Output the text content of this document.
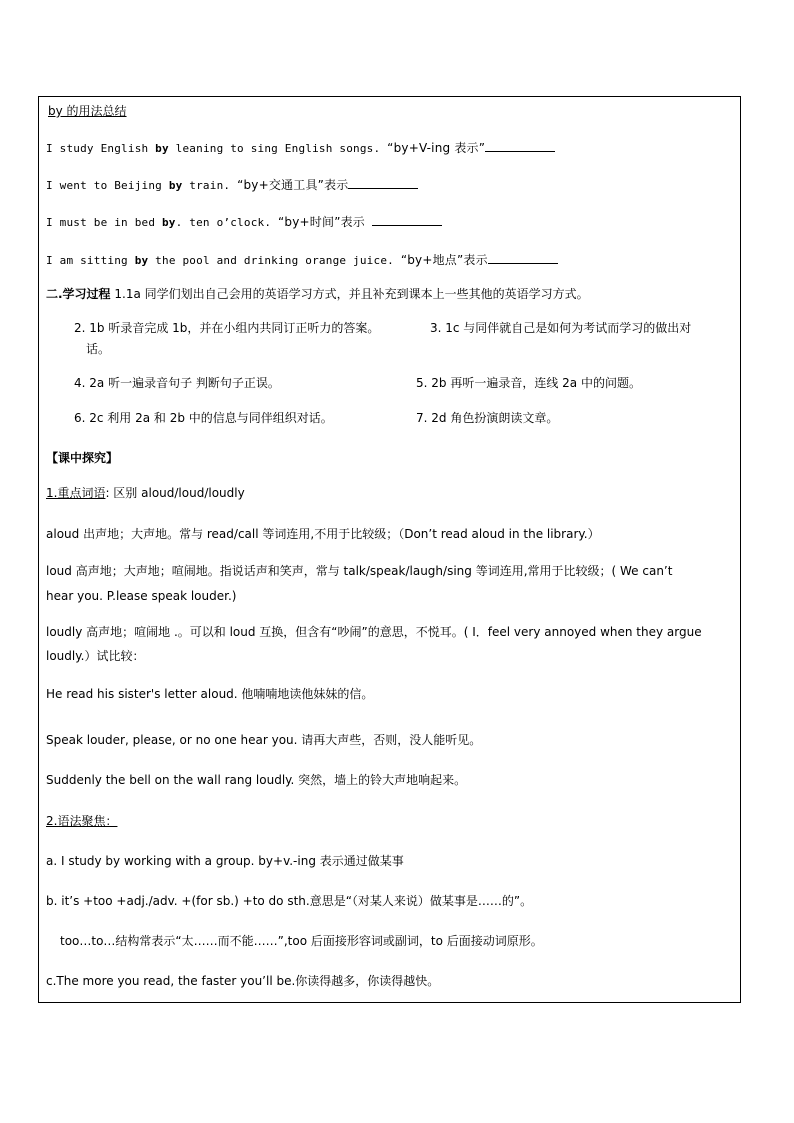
by 的用法总结
I study English by leaning to sing English songs. “by+V-ing 表示”
I went to Beijing by train. “by+交通工具”表示
I must be in bed by. ten o’clock. “by+时间”表示
I am sitting by the pool and drinking orange juice. “by+地点”表示
二.学习过程 1.1a 同学们划出自己会用的英语学习方式，并且补充到课本上一些其他的英语学习方式。
2. 1b 听录音完成 1b，并在小组内共同订正听力的答案。	3. 1c 与同伴就自己是如何为考试而学习的做出对
话。
4. 2a 听一遍录音句子 判断句子正误。	5. 2b 再听一遍录音，连线 2a 中的问题。
6. 2c 利用 2a 和 2b 中的信息与同伴组织对话。	7. 2d 角色扮演朗读文章。
【课中探究】
1.重点词语: 区别 aloud/loud/loudly
aloud 出声地；大声地。常与 read/call 等词连用,不用于比较级；（Don’t read aloud in the library.）
loud 高声地；大声地；喧闹地。指说话声和笑声，常与 talk/speak/laugh/sing 等词连用,常用于比较级；( We can’t
hear you. P.lease speak louder.)
loudly 高声地；喧闹地 .。可以和 loud 互换，但含有“吵闹”的意思，不悦耳。( I．feel very annoyed when they argue
loudly.）试比较：
He read his sister's letter aloud. 他喃喃地读他妹妹的信。
Speak louder, please, or no one hear you. 请再大声些，否则，没人能听见。
Suddenly the bell on the wall rang loudly. 突然，墙上的铃大声地响起来。
2.语法聚焦：
a. I study by working with a group. by+v.-ing 表示通过做某事
b. it’s +too +adj./adv. +(for sb.) +to do sth.意思是“（对某人来说）做某事是……的”。
too…to…结构常表示“太……而不能……”,too 后面接形容词或副词，to 后面接动词原形。
c.The more you read, the faster you’ll be.你读得越多，你读得越快。
